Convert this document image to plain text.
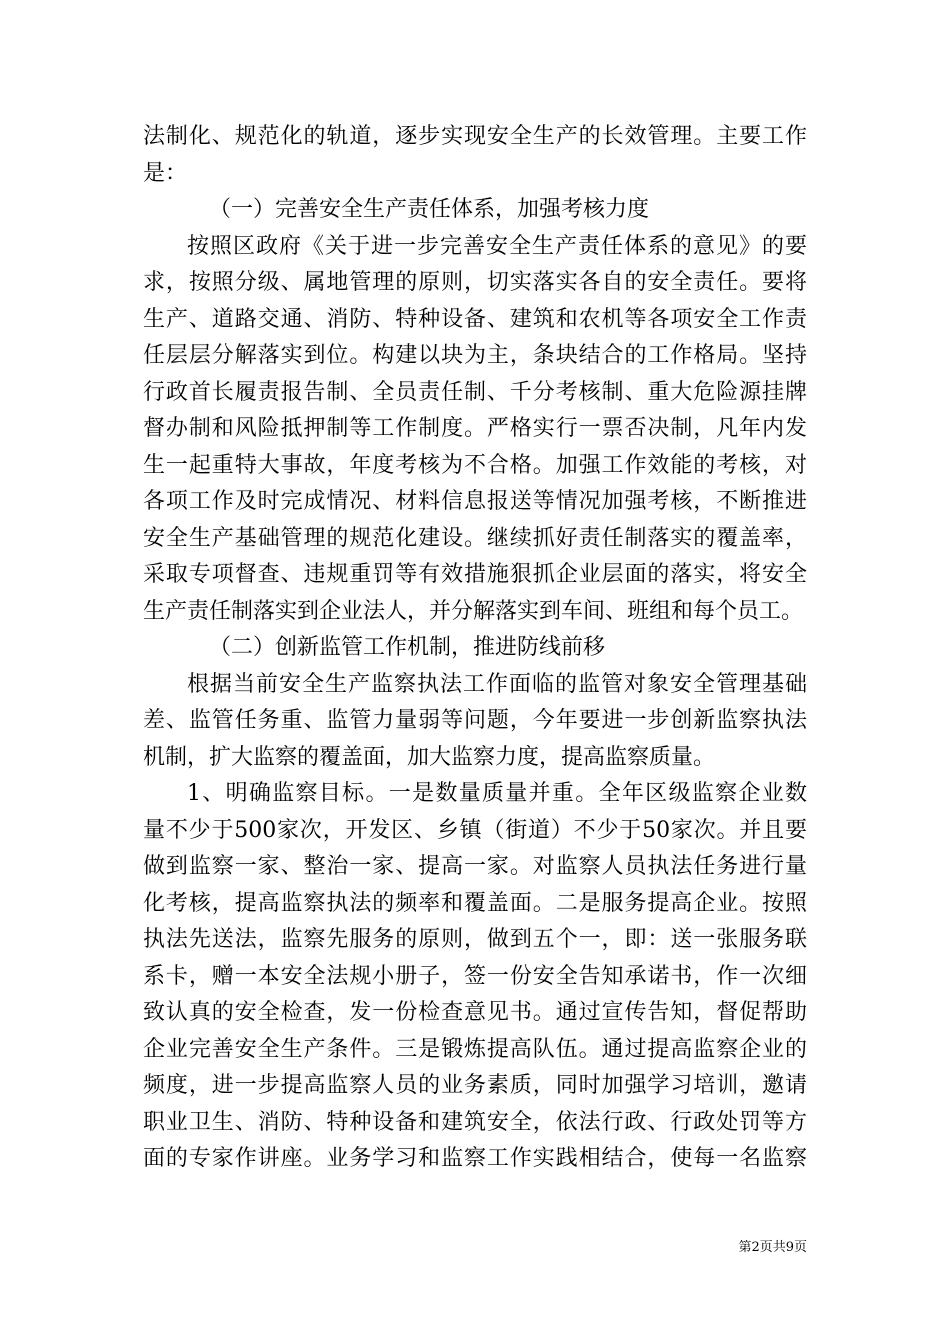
法制化、规范化的轨道，逐步实现安全生产的长效管理。主要工作
是：
（一）完善安全生产责任体系，加强考核力度
按照区政府《关于进一步完善安全生产责任体系的意见》的要
求，按照分级、属地管理的原则，切实落实各自的安全责任。要将
生产、道路交通、消防、特种设备、建筑和农机等各项安全工作责
任层层分解落实到位。构建以块为主，条块结合的工作格局。坚持
行政首长履责报告制、全员责任制、千分考核制、重大危险源挂牌
督办制和风险抵押制等工作制度。严格实行一票否决制，凡年内发
生一起重特大事故，年度考核为不合格。加强工作效能的考核，对
各项工作及时完成情况、材料信息报送等情况加强考核，不断推进
安全生产基础管理的规范化建设。继续抓好责任制落实的覆盖率，
采取专项督查、违规重罚等有效措施狠抓企业层面的落实，将安全
生产责任制落实到企业法人，并分解落实到车间、班组和每个员工。
（二）创新监管工作机制，推进防线前移
根据当前安全生产监察执法工作面临的监管对象安全管理基础
差、监管任务重、监管力量弱等问题，今年要进一步创新监察执法
机制，扩大监察的覆盖面，加大监察力度，提高监察质量。
1、明确监察目标。一是数量质量并重。全年区级监察企业数
量不少于500家次，开发区、乡镇（街道）不少于50家次。并且要
做到监察一家、整治一家、提高一家。对监察人员执法任务进行量
化考核，提高监察执法的频率和覆盖面。二是服务提高企业。按照
执法先送法，监察先服务的原则，做到五个一，即：送一张服务联
系卡，赠一本安全法规小册子，签一份安全告知承诺书，作一次细
致认真的安全检查，发一份检查意见书。通过宣传告知，督促帮助
企业完善安全生产条件。三是锻炼提高队伍。通过提高监察企业的
频度，进一步提高监察人员的业务素质，同时加强学习培训，邀请
职业卫生、消防、特种设备和建筑安全，依法行政、行政处罚等方
面的专家作讲座。业务学习和监察工作实践相结合，使每一名监察
第2页共9页
